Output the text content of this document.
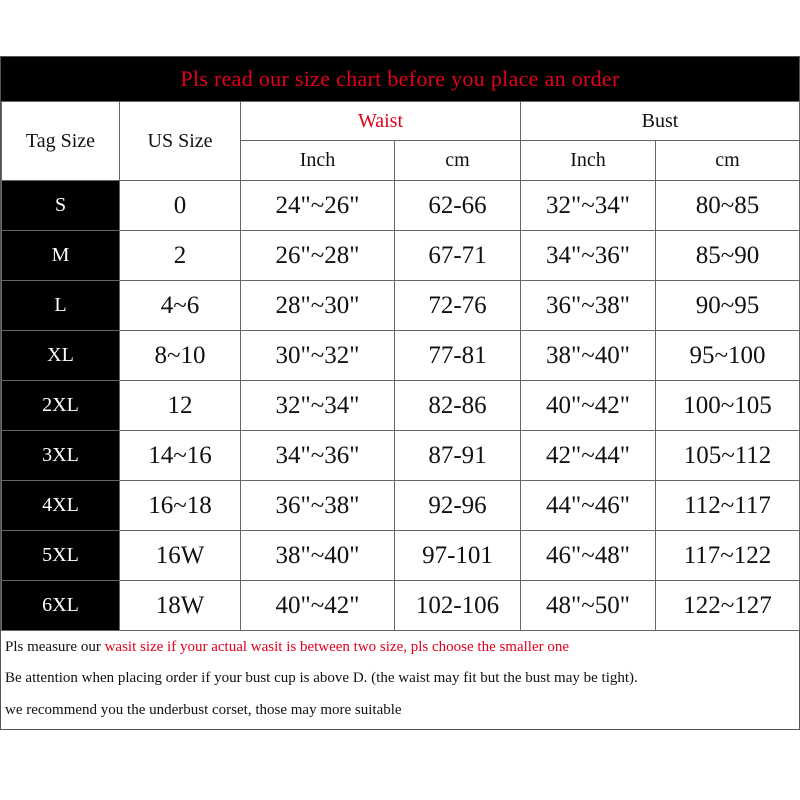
Pls read our size chart before you place an order
Tag Size	US Size	Waist		Bust	
		Inch	cm	Inch	cm
S	0	24"~26"	62-66	32"~34"	80~85
M	2	26"~28"	67-71	34"~36"	85~90
L	4~6	28"~30"	72-76	36"~38"	90~95
XL	8~10	30"~32"	77-81	38"~40"	95~100
2XL	12	32"~34"	82-86	40"~42"	100~105
3XL	14~16	34"~36"	87-91	42"~44"	105~112
4XL	16~18	36"~38"	92-96	44"~46"	112~117
5XL	16W	38"~40"	97-101	46"~48"	117~122
6XL	18W	40"~42"	102-106	48"~50"	122~127
Pls measure our wasit size if your actual wasit is between two size, pls choose the smaller one
Be attention when placing order if your bust cup is above D. (the waist may fit but the bust may be tight).
we recommend you the underbust corset, those may more suitable
